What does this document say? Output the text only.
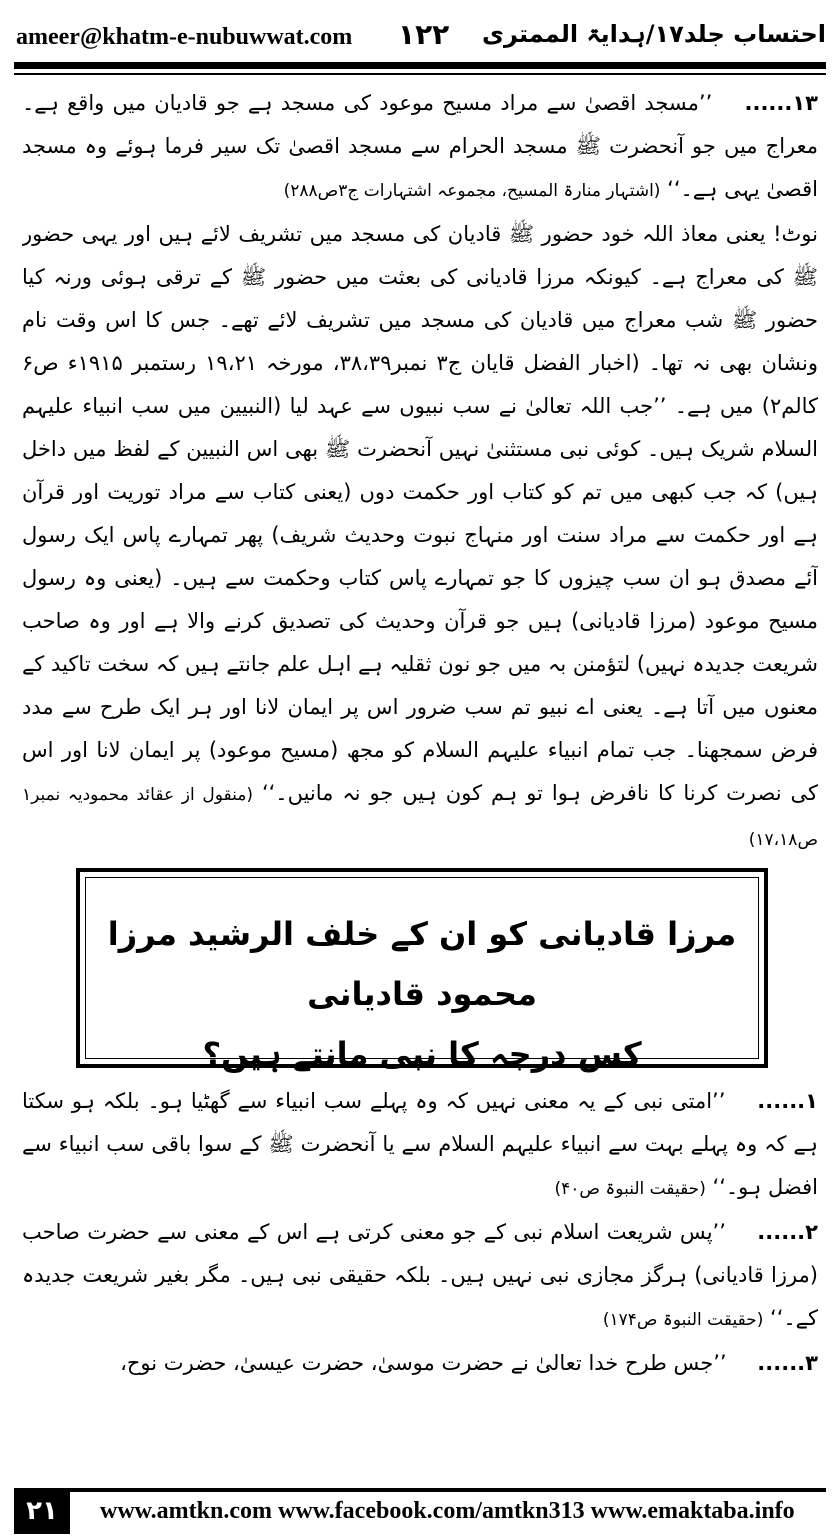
ameer@khatm-e-nubuwwat.com ۱۲۲ احتساب جلد۱۷/ہدایۃ الممتری

۱۳...... ’’مسجد اقصیٰ سے مراد مسیح موعود کی مسجد ہے جو قادیان میں واقع ہے۔ معراج میں جو آنحضرت ﷺ مسجد الحرام سے مسجد اقصیٰ تک سیر فرما ہوئے وہ مسجد اقصیٰ یہی ہے۔‘‘ (اشتہار منارۃ المسیح، مجموعہ اشتہارات ج۳ص۲۸۸)

نوٹ! یعنی معاذ اللہ خود حضور ﷺ قادیان کی مسجد میں تشریف لائے ہیں اور یہی حضور ﷺ کی معراج ہے۔ کیونکہ مرزا قادیانی کی بعثت میں حضور ﷺ کے ترقی ہوئی ورنہ کیا حضور ﷺ شب معراج میں قادیان کی مسجد میں تشریف لائے تھے۔ جس کا اس وقت نام ونشان بھی نہ تھا۔ (اخبار الفضل قایان ج۳ نمبر۳۸،۳۹، مورخہ ۱۹،۲۱ رستمبر ۱۹۱۵ء ص۶ کالم۲) میں ہے۔ ’’جب اللہ تعالیٰ نے سب نبیوں سے عہد لیا (النبیین میں سب انبیاء علیہم السلام شریک ہیں۔ کوئی نبی مستثنیٰ نہیں آنحضرت ﷺ بھی اس النبیین کے لفظ میں داخل ہیں) کہ جب کبھی میں تم کو کتاب اور حکمت دوں (یعنی کتاب سے مراد توریت اور قرآن ہے اور حکمت سے مراد سنت اور منہاج نبوت وحدیث شریف) پھر تمہارے پاس ایک رسول آئے مصدق ہو ان سب چیزوں کا جو تمہارے پاس کتاب وحکمت سے ہیں۔ (یعنی وہ رسول مسیح موعود (مرزا قادیانی) ہیں جو قرآن وحدیث کی تصدیق کرنے والا ہے اور وہ صاحب شریعت جدیدہ نہیں) لتؤمنن بہ میں جو نون ثقلیہ ہے اہل علم جانتے ہیں کہ سخت تاکید کے معنوں میں آتا ہے۔ یعنی اے نبیو تم سب ضرور اس پر ایمان لانا اور ہر ایک طرح سے مدد فرض سمجھنا۔ جب تمام انبیاء علیہم السلام کو مجھ (مسیح موعود) پر ایمان لانا اور اس کی نصرت کرنا کا نافرض ہوا تو ہم کون ہیں جو نہ مانیں۔‘‘ (منقول از عقائد محمودیہ نمبر۱ ص۱۷،۱۸)

مرزا قادیانی کو ان کے خلف الرشید مرزا محمود قادیانی
کس درجہ کا نبی مانتے ہیں؟

۱...... ’’امتی نبی کے یہ معنی نہیں کہ وہ پہلے سب انبیاء سے گھٹیا ہو۔ بلکہ ہو سکتا ہے کہ وہ پہلے بہت سے انبیاء علیہم السلام سے یا آنحضرت ﷺ کے سوا باقی سب انبیاء سے افضل ہو۔‘‘ (حقیقت النبوۃ ص۴۰)

۲...... ’’پس شریعت اسلام نبی کے جو معنی کرتی ہے اس کے معنی سے حضرت صاحب (مرزا قادیانی) ہرگز مجازی نبی نہیں ہیں۔ بلکہ حقیقی نبی ہیں۔ مگر بغیر شریعت جدیدہ کے۔‘‘ (حقیقت النبوۃ ص۱۷۴)

۳...... ’’جس طرح خدا تعالیٰ نے حضرت موسیٰ، حضرت عیسیٰ، حضرت نوح،

۲۱	www.amtkn.com www.facebook.com/amtkn313 www.emaktaba.info
